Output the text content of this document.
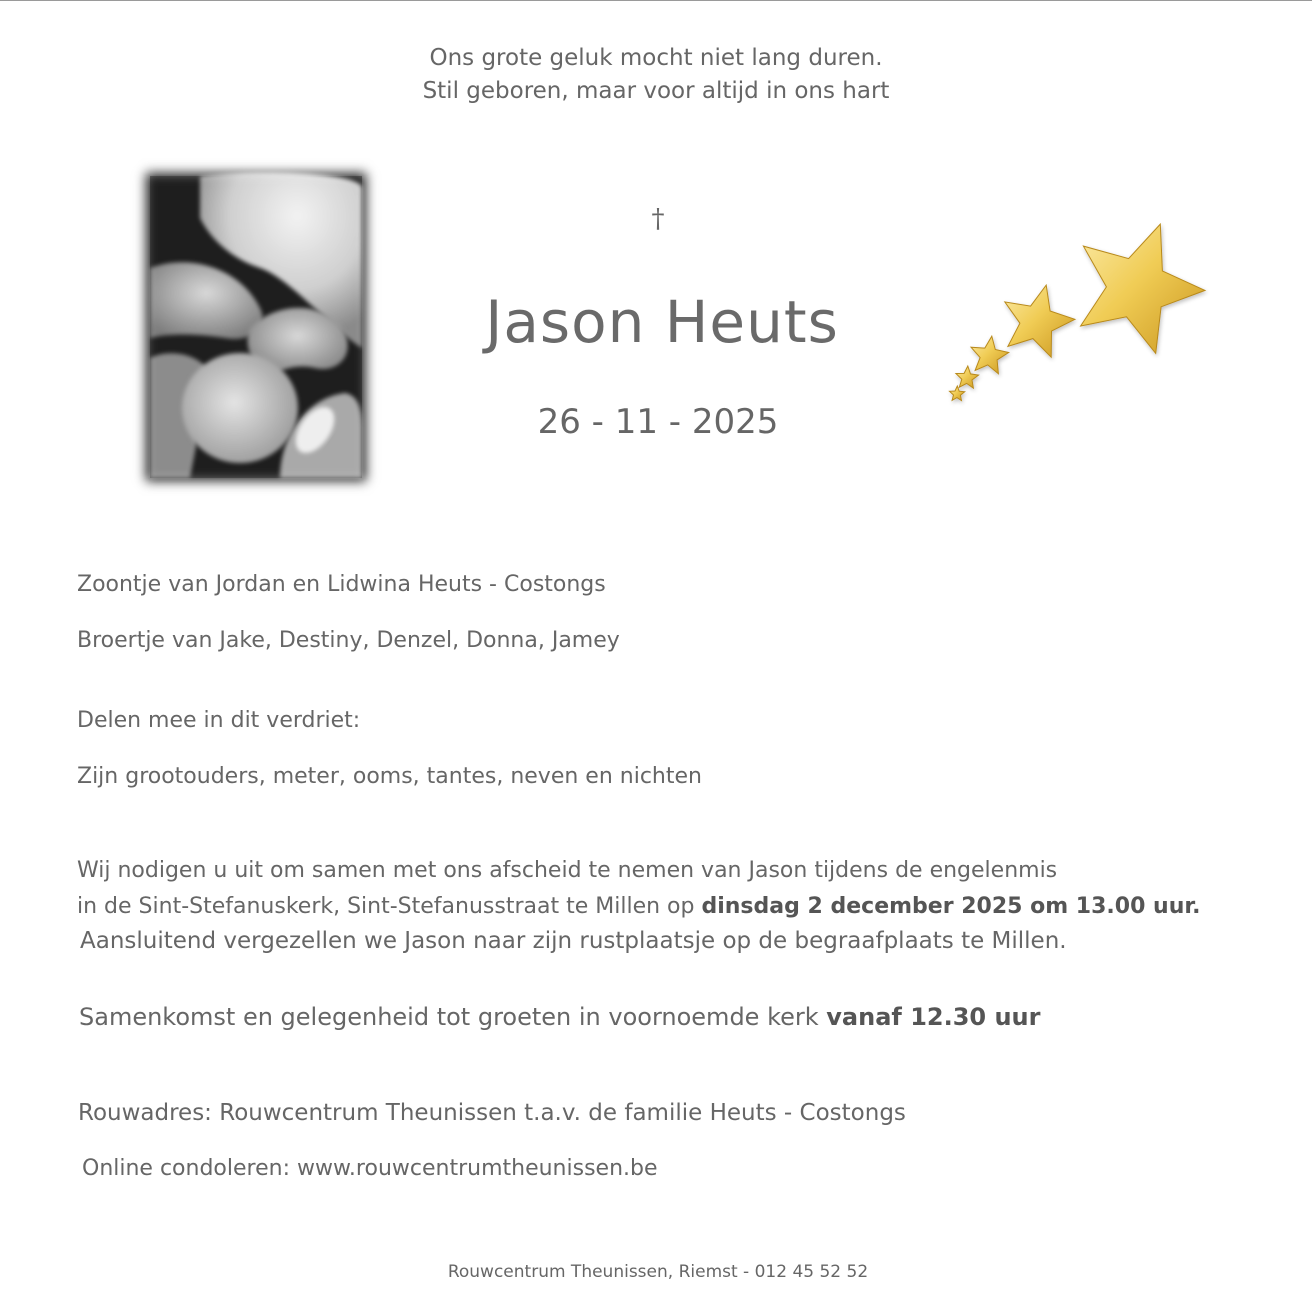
Ons grote geluk mocht niet lang duren.
Stil geboren, maar voor altijd in ons hart
†
Jason Heuts
26 - 11 - 2025
Zoontje van Jordan en Lidwina Heuts - Costongs
Broertje van Jake, Destiny, Denzel, Donna, Jamey
Delen mee in dit verdriet:
Zijn grootouders, meter, ooms, tantes, neven en nichten
Wij nodigen u uit om samen met ons afscheid te nemen van Jason tijdens de engelenmis
in de Sint-Stefanuskerk, Sint-Stefanusstraat te Millen op dinsdag 2 december 2025 om 13.00 uur.
Aansluitend vergezellen we Jason naar zijn rustplaatsje op de begraafplaats te Millen.
Samenkomst en gelegenheid tot groeten in voornoemde kerk vanaf 12.30 uur
Rouwadres: Rouwcentrum Theunissen t.a.v. de familie Heuts - Costongs
Online condoleren: www.rouwcentrumtheunissen.be
Rouwcentrum Theunissen, Riemst - 012 45 52 52
